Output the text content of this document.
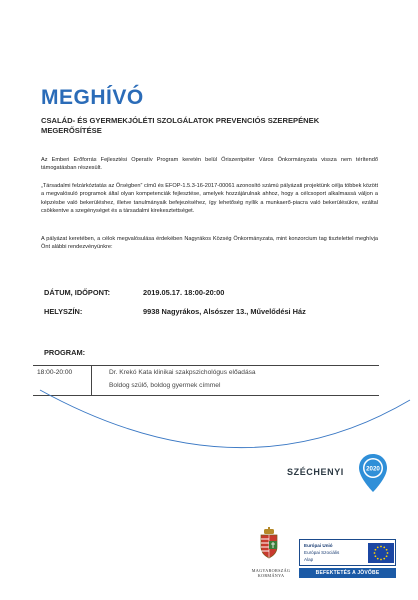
MEGHÍVÓ
CSALÁD- ÉS GYERMEKJÓLÉTI SZOLGÁLATOK PREVENCIÓS SZEREPÉNEK MEGERŐSÍTÉSE

Az Emberi Erőforrás Fejlesztési Operatív Program keretén belül Őriszentpéter Város Önkormányzata vissza nem térítendő támogatásban részesült.

„Társadalmi felzárkóztatás az Őrségben” című és EFOP-1.5.3-16-2017-00061 azonosító számú pályázati projektünk célja többek között a megvalósuló programok által olyan kompetenciák fejlesztése, amelyek hozzájárulnak ahhoz, hogy a célcsoport alkalmassá váljon a képzésbe való bekerüléshez, illetve tanulmányaik befejezéséhez, így lehetőség nyílik a munkaerő-piacra való bekerülésükre, ezáltal csökkentve a szegénységet és a társadalmi kirekesztettséget.

A pályázat keretében, a célok megvalósulása érdekében Nagyrákos Község Önkormányzata, mint konzorcium tag tisztelettel meghívja Önt alábbi rendezvényünkre:

DÁTUM, IDŐPONT:	2019.05.17. 18:00-20:00
HELYSZÍN:	9938 Nagyrákos, Alsószer 13., Művelődési Ház
PROGRAM:
18:00-20:00	Dr. Krekó Kata klinikai szakpszichológus előadása
Boldog szülő, boldog gyermek címmel
SZÉCHENYI	2020
MAGYARORSZÁG
KORMÁNYA
Európai Unió
Európai Szociális
Alap
BEFEKTETÉS A JÖVŐBE
